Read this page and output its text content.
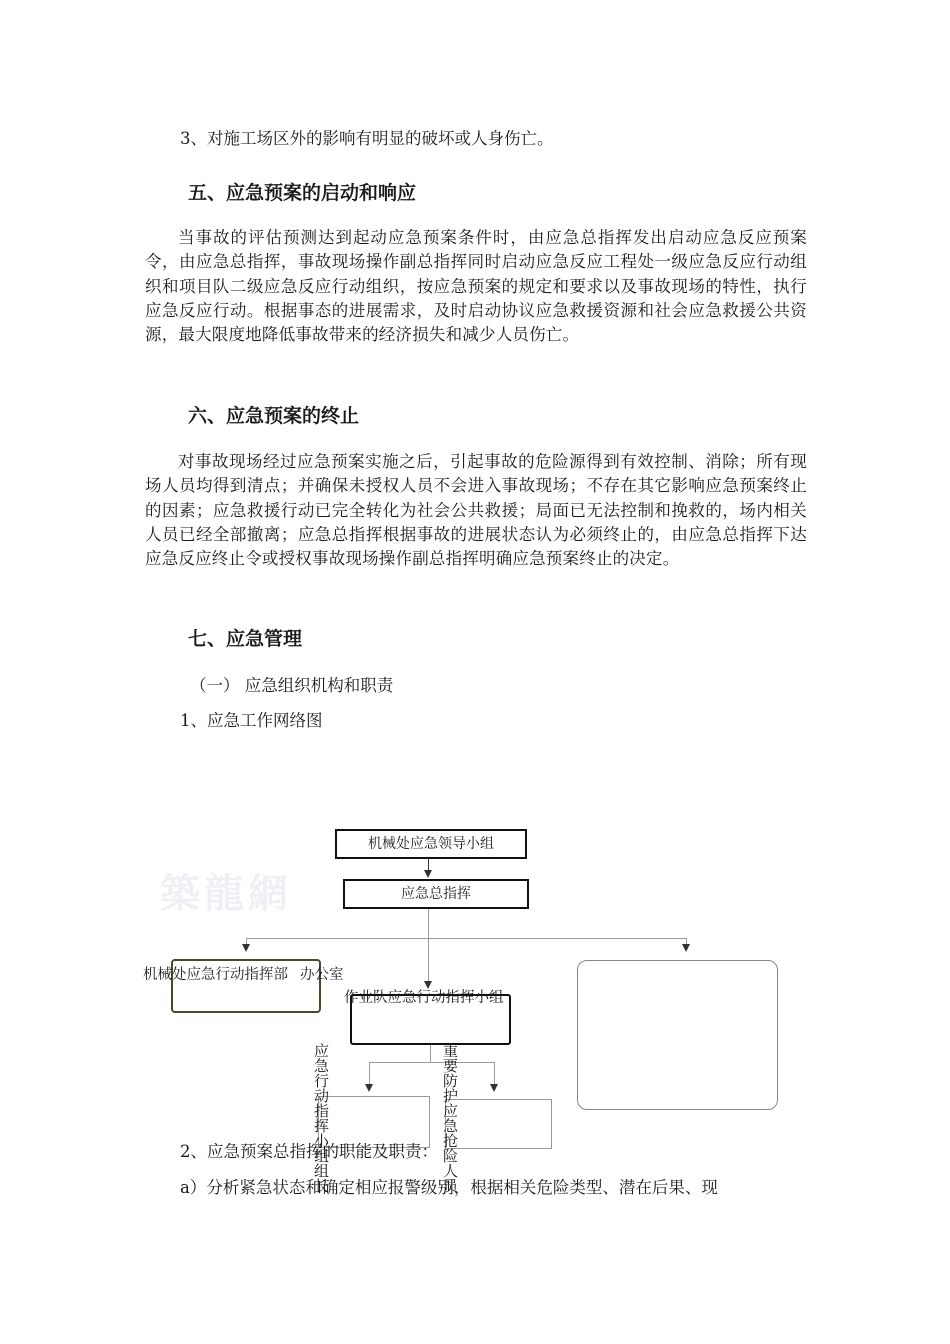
3、对施工场区外的影响有明显的破坏或人身伤亡。
五、应急预案的启动和响应
当事故的评估预测达到起动应急预案条件时，由应急总指挥发出启动应急反应预案令，由应急总指挥，事故现场操作副总指挥同时启动应急反应工程处一级应急反应行动组织和项目队二级应急反应行动组织，按应急预案的规定和要求以及事故现场的特性，执行应急反应行动。根据事态的进展需求，及时启动协议应急救援资源和社会应急救援公共资源，最大限度地降低事故带来的经济损失和减少人员伤亡。
六、应急预案的终止
对事故现场经过应急预案实施之后，引起事故的危险源得到有效控制、消除；所有现场人员均得到清点；并确保未授权人员不会进入事故现场；不存在其它影响应急预案终止的因素；应急救援行动已完全转化为社会公共救援；局面已无法控制和挽救的，场内相关人员已经全部撤离；应急总指挥根据事故的进展状态认为必须终止的，由应急总指挥下达应急反应终止令或授权事故现场操作副总指挥明确应急预案终止的决定。
七、应急管理
（一） 应急组织机构和职责
1、应急工作网络图
築龍網
机械处应急领导小组
应急总指挥
机械处应急行动指挥部 办公室
作业队应急行动指挥小组
应急行动指挥小组组长	重要防护应急抢险人员
2、应急预案总指挥的职能及职责：
a）分析紧急状态和确定相应报警级别，根据相关危险类型、潜在后果、现
